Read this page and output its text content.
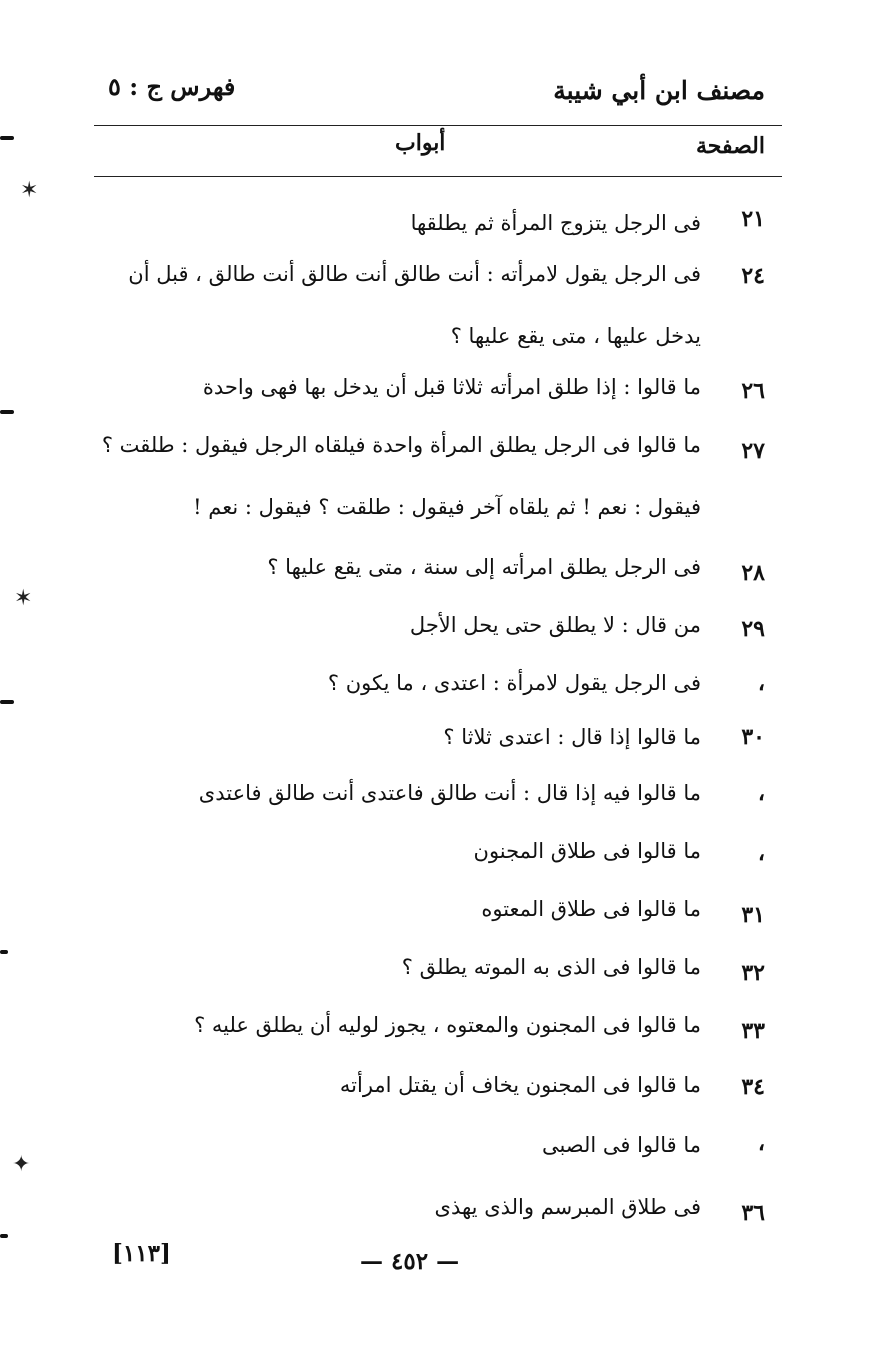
مصنف ابن أبي شيبة
فهرس ج : ٥
الصفحة
أبواب
٢١
فى الرجل يتزوج المرأة ثم يطلقها
٢٤
فى الرجل يقول لامرأته : أنت طالق أنت طالق أنت طالق ، قبل أن يدخل عليها ، متى يقع عليها ؟
٢٦
ما قالوا : إذا طلق امرأته ثلاثا قبل أن يدخل بها فهى واحدة
٢٧
ما قالوا فى الرجل يطلق المرأة واحدة فيلقاه الرجل فيقول : طلقت ؟ فيقول : نعم ! ثم يلقاه آخر فيقول : طلقت ؟ فيقول : نعم !
٢٨
فى الرجل يطلق امرأته إلى سنة ، متى يقع عليها ؟
٢٩
من قال : لا يطلق حتى يحل الأجل
،
فى الرجل يقول لامرأة : اعتدى ، ما يكون ؟
٣٠
ما قالوا إذا قال : اعتدى ثلاثا ؟
،
ما قالوا فيه إذا قال : أنت طالق فاعتدى أنت طالق فاعتدى
،
ما قالوا فى طلاق المجنون
٣١
ما قالوا فى طلاق المعتوه
٣٢
ما قالوا فى الذى به الموته يطلق ؟
٣٣
ما قالوا فى المجنون والمعتوه ، يجوز لوليه أن يطلق عليه ؟
٣٤
ما قالوا فى المجنون يخاف أن يقتل امرأته
،
ما قالوا فى الصبى
٣٦
فى طلاق المبرسم والذى يهذى
[١١٣]	— ٤٥٢ —
✶
✶
✦
